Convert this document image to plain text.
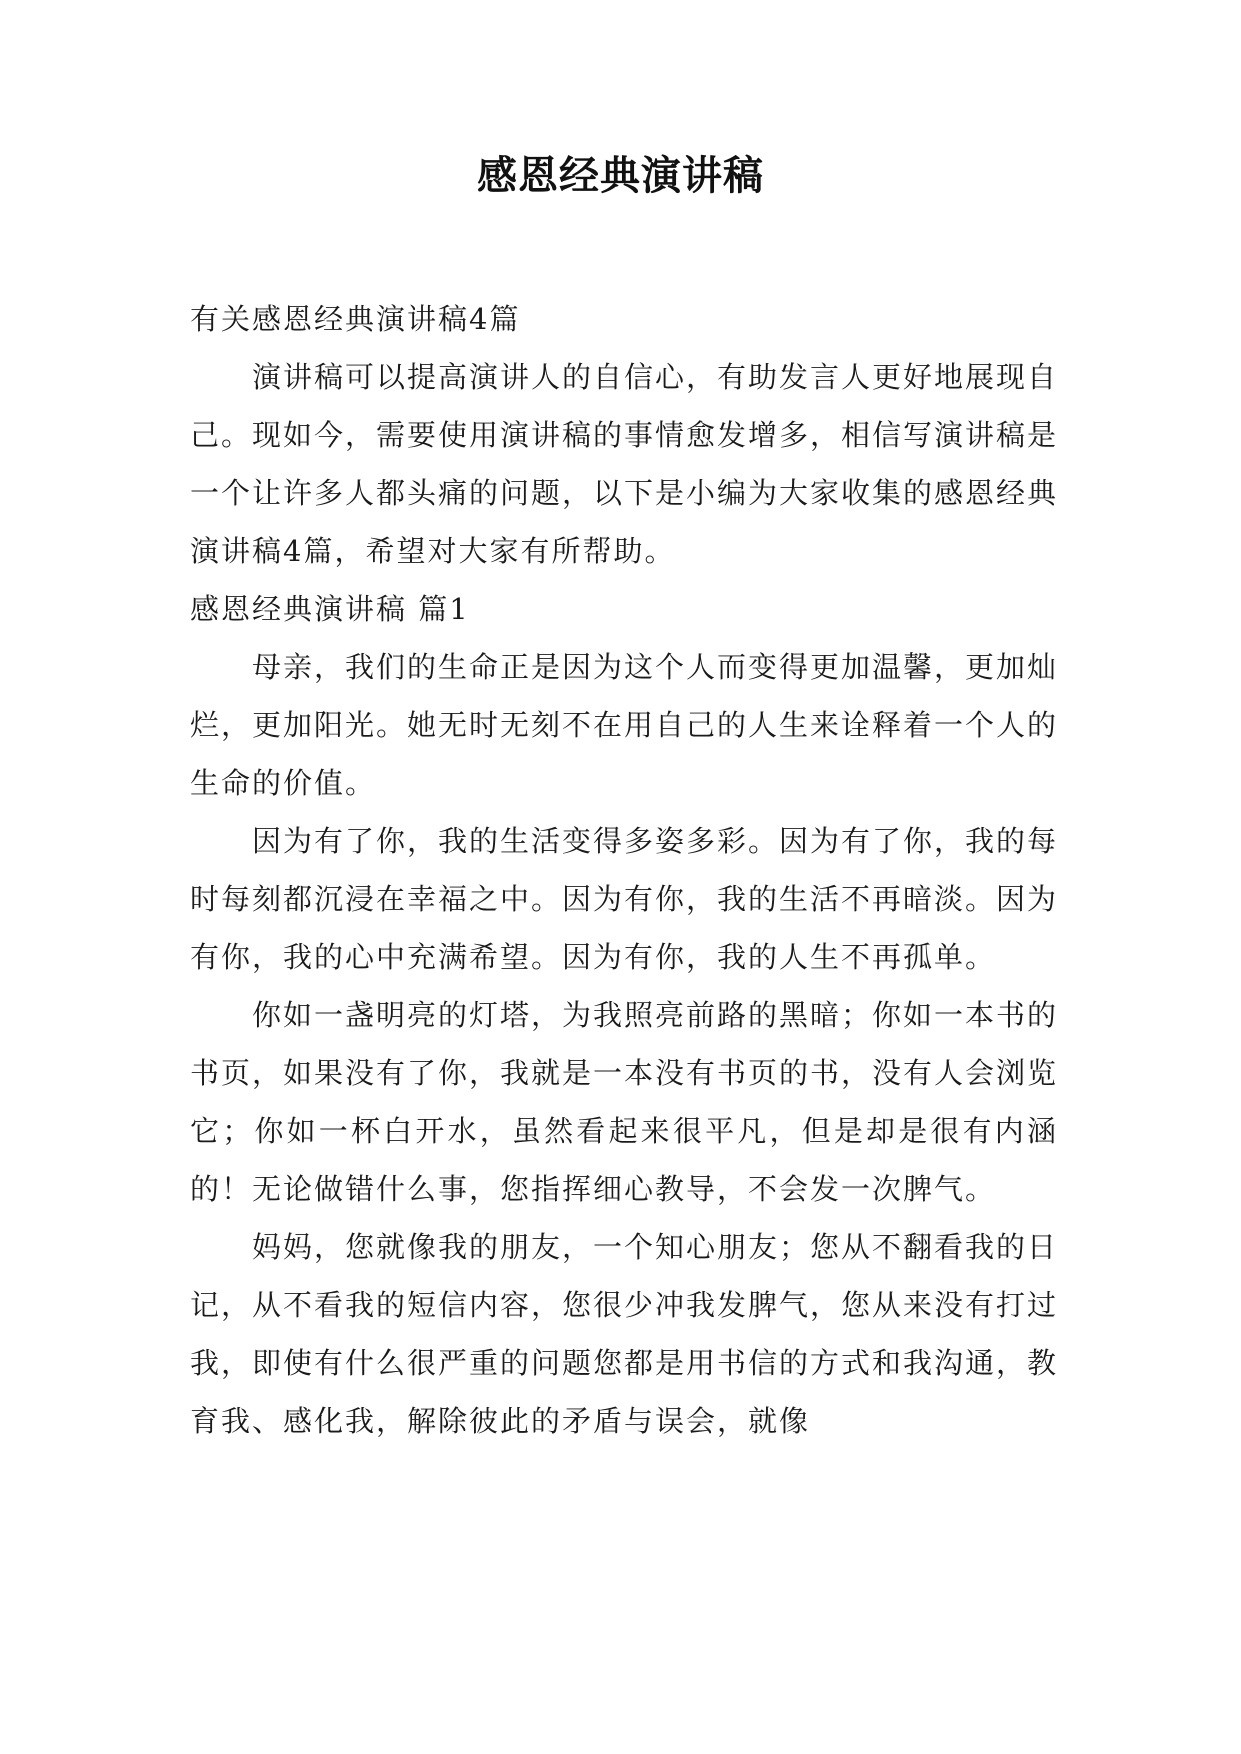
感恩经典演讲稿

有关感恩经典演讲稿4篇

演讲稿可以提高演讲人的自信心，有助发言人更好地展现自己。现如今，需要使用演讲稿的事情愈发增多，相信写演讲稿是一个让许多人都头痛的问题，以下是小编为大家收集的感恩经典演讲稿4篇，希望对大家有所帮助。

感恩经典演讲稿 篇1

母亲，我们的生命正是因为这个人而变得更加温馨，更加灿烂，更加阳光。她无时无刻不在用自己的人生来诠释着一个人的生命的价值。

因为有了你，我的生活变得多姿多彩。因为有了你，我的每时每刻都沉浸在幸福之中。因为有你，我的生活不再暗淡。因为有你，我的心中充满希望。因为有你，我的人生不再孤单。

你如一盏明亮的灯塔，为我照亮前路的黑暗；你如一本书的书页，如果没有了你，我就是一本没有书页的书，没有人会浏览它；你如一杯白开水，虽然看起来很平凡，但是却是很有内涵的！无论做错什么事，您指挥细心教导，不会发一次脾气。

妈妈，您就像我的朋友，一个知心朋友；您从不翻看我的日记，从不看我的短信内容，您很少冲我发脾气，您从来没有打过我，即使有什么很严重的问题您都是用书信的方式和我沟通，教育我、感化我，解除彼此的矛盾与误会，就像
